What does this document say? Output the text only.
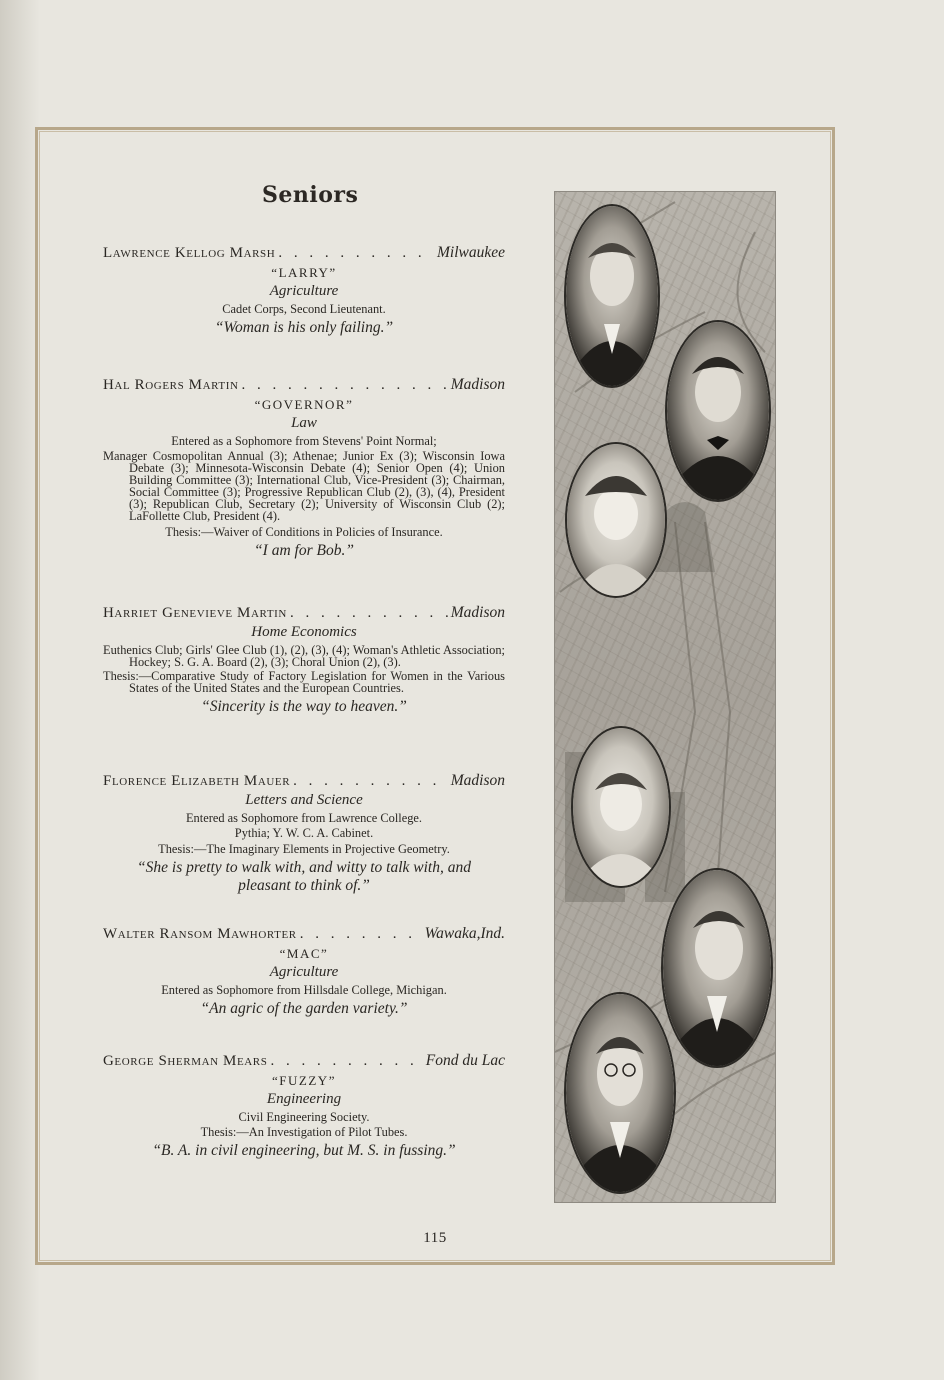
Seniors
Lawrence Kellog Marsh . . .	Milwaukee
“LARRY”
Agriculture
Cadet Corps, Second Lieutenant.
“Woman is his only failing.”
Hal Rogers Martin . . .	Madison
“GOVERNOR”
Law
Entered as a Sophomore from Stevens' Point Normal;
Manager Cosmopolitan Annual (3); Athenae; Junior Ex (3); Wisconsin Iowa Debate (3); Minnesota-Wisconsin Debate (4); Senior Open (4); Union Building Committee (3); International Club, Vice-President (3); Chairman, Social Committee (3); Progressive Republican Club (2), (3), (4), President (3); Republican Club, Secretary (2); University of Wisconsin Club (2); LaFollette Club, President (4).
Thesis:—Waiver of Conditions in Policies of Insurance.
“I am for Bob.”
Harriet Genevieve Martin . . .	Madison
Home Economics
Euthenics Club; Girls' Glee Club (1), (2), (3), (4); Woman's Athletic Association; Hockey; S. G. A. Board (2), (3); Choral Union (2), (3).
Thesis:—Comparative Study of Factory Legislation for Women in the Various States of the United States and the European Countries.
“Sincerity is the way to heaven.”
Florence Elizabeth Mauer . . .	Madison
Letters and Science
Entered as Sophomore from Lawrence College.
Pythia; Y. W. C. A. Cabinet.
Thesis:—The Imaginary Elements in Projective Geometry.
“She is pretty to walk with, and witty to talk with, and pleasant to think of.”
Walter Ransom Mawhorter . . .	Wawaka,Ind.
“MAC”
Agriculture
Entered as Sophomore from Hillsdale College, Michigan.
“An agric of the garden variety.”
George Sherman Mears . . .	Fond du Lac
“FUZZY”
Engineering
Civil Engineering Society.
Thesis:—An Investigation of Pilot Tubes.
“B. A. in civil engineering, but M. S. in fussing.”
115
